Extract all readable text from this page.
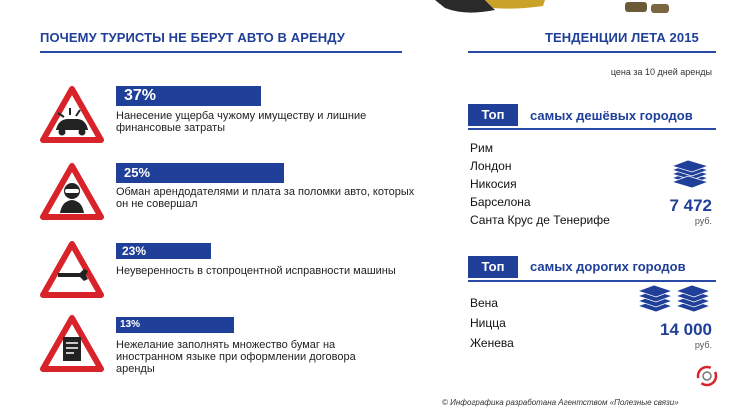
ПОЧЕМУ ТУРИСТЫ НЕ БЕРУТ АВТО В АРЕНДУ
37%
Нанесение ущерба чужому имуществу и лишние финансовые затраты
25%
Обман арендодателями и плата за поломки авто, которых он не совершал
23%
Неуверенность в стопроцентной исправности машины
13%
Нежелание заполнять множество бумаг на иностранном языке при оформлении договора аренды
ТЕНДЕНЦИИ ЛЕТА 2015
цена за 10 дней аренды
Топ	самых дешёвых городов
Рим
Лондон
Никосия
Барселона
Санта Крус де Тенерифе
7 472
руб.
Топ	самых дорогих городов
Вена
Ницца
Женева
14 000
руб.
© Инфографика разработана Агентством «Полезные связи»
